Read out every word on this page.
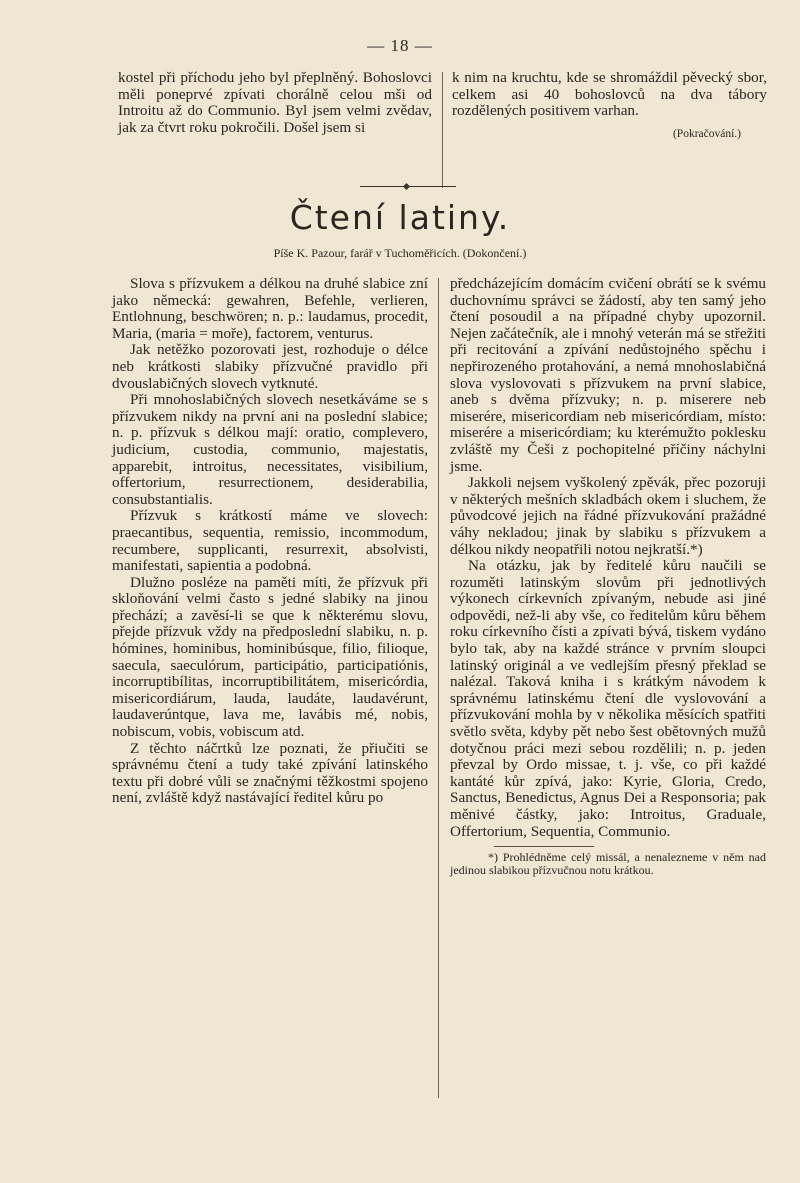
— 18 —

kostel při příchodu jeho byl přeplněný. Bohoslovci měli poneprvé zpívati chorálně celou mši od Introitu až do Communio. Byl jsem velmi zvědav, jak za čtvrt roku pokročili. Došel jsem si

k nim na kruchtu, kde se shromáždil pěvecký sbor, celkem asi 40 bohoslovců na dva tábory rozdělených positivem varhan.

(Pokračování.)
Čtení latiny.
Píše K. Pazour, farář v Tuchoměřicích. (Dokončení.)

Slova s přízvukem a délkou na druhé slabice zní jako německá: gewahren, Befehle, verlieren, Entlohnung, beschwören; n. p.: laudamus, procedit, Maria, (maria = moře), factorem, venturus.

Jak netěžko pozorovati jest, rozhoduje o délce neb krátkosti slabiky přízvučné pravidlo při dvouslabičných slovech vytknuté.

Při mnohoslabičných slovech nesetkáváme se s přízvukem nikdy na první ani na poslední slabice; n. p. přízvuk s délkou mají: oratio, complevero, judicium, custodia, communio, majestatis, apparebit, introitus, necessitates, visibilium, offertorium, resurrectionem, desiderabilia, consubstantialis.

Přízvuk s krátkostí máme ve slovech: praecantibus, sequentia, remissio, incommodum, recumbere, supplicanti, resurrexit, absolvisti, manifestati, sapientia a podobná.

Dlužno posléze na paměti míti, že přízvuk při skloňování velmi často s jedné slabiky na jinou přechází; a zavěsí-li se que k některému slovu, přejde přízvuk vždy na předposlední slabiku, n. p. hómines, hominibus, hominibúsque, filio, filioque, saecula, saeculórum, participátio, participatiónis, incorruptibílitas, incorruptibilitátem, misericórdia, misericordiárum, lauda, laudáte, laudavérunt, laudaverúntque, lava me, lavábis mé, nobis, nobiscum, vobis, vobiscum atd.

Z těchto náčrtků lze poznati, že přiučiti se správnému čtení a tudy také zpívání latinského textu při dobré vůli se značnými těžkostmi spojeno není, zvláště když nastávající ředitel kůru po

předcházejícím domácím cvičení obrátí se k svému duchovnímu správci se žádostí, aby ten samý jeho čtení posoudil a na případné chyby upozornil. Nejen začátečník, ale i mnohý veterán má se střežiti při recitování a zpívání nedůstojného spěchu i nepřirozeného protahování, a nemá mnohoslabičná slova vyslovovati s přízvukem na první slabice, aneb s dvěma přízvuky; n. p. miserere neb miserére, misericordiam neb misericórdiam, místo: miserére a misericórdiam; ku kterémužto poklesku zvláště my Češi z pochopitelné příčiny náchylni jsme.

Jakkoli nejsem vyškolený zpěvák, přec pozoruji v některých mešních skladbách okem i sluchem, že původcové jejich na řádné přízvukování pražádné váhy nekladou; jinak by slabiku s přízvukem a délkou nikdy neopatřili notou nejkratší.*)

Na otázku, jak by ředitelé kůru naučili se rozuměti latinským slovům při jednotlivých výkonech církevních zpívaným, nebude asi jiné odpovědi, než-li aby vše, co ředitelům kůru během roku církevního čísti a zpívati bývá, tiskem vydáno bylo tak, aby na každé stránce v prvním sloupci latinský originál a ve vedlejším přesný překlad se nalézal. Taková kniha i s krátkým návodem k správnému latinskému čtení dle vyslovování a přízvukování mohla by v několika měsících spatřiti světlo světa, kdyby pět nebo šest obětovných mužů dotyčnou práci mezi sebou rozdělili; n. p. jeden převzal by Ordo missae, t. j. vše, co při každé kantáté kůr zpívá, jako: Kyrie, Gloria, Credo, Sanctus, Benedictus, Agnus Dei a Responsoria; pak měnivé částky, jako: Introitus, Graduale, Offertorium, Sequentia, Communio.

*) Prohlédněme celý missál, a nenalezneme v něm nad jedinou slabikou přízvučnou notu krátkou.
